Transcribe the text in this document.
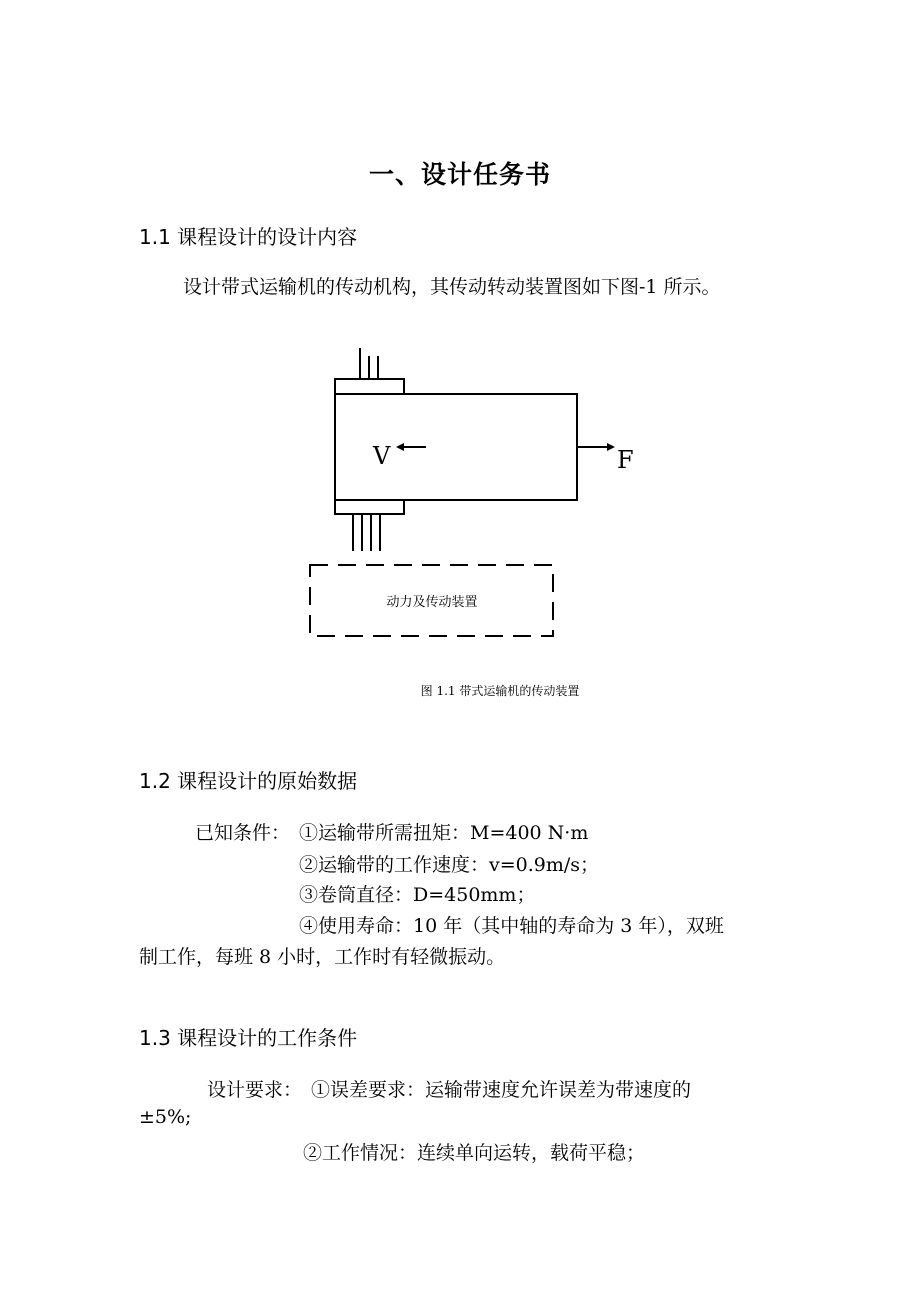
一、设计任务书
1.1 课程设计的设计内容
设计带式运输机的传动机构，其传动转动装置图如下图-1 所示。
V	F
动力及传动装置
图 1.1 带式运输机的传动装置
1.2 课程设计的原始数据
已知条件： ①运输带所需扭矩：M=400 N·m
②运输带的工作速度：v=0.9m/s；
③卷筒直径：D=450mm；
④使用寿命：10 年（其中轴的寿命为 3 年），双班
制工作，每班 8 小时，工作时有轻微振动。
1.3 课程设计的工作条件
设计要求： ①误差要求：运输带速度允许误差为带速度的
±5%;
②工作情况：连续单向运转，载荷平稳；
